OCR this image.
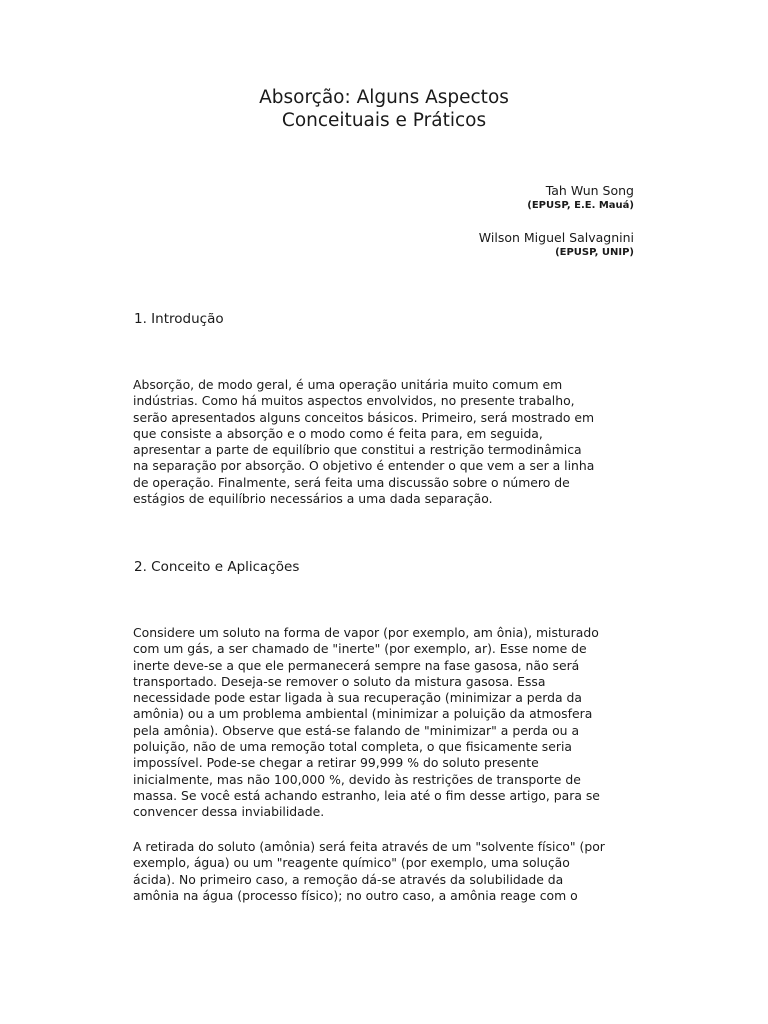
Absorção: Alguns Aspectos
Conceituais e Práticos
Tah Wun Song
(EPUSP, E.E. Mauá)
Wilson Miguel Salvagnini
(EPUSP, UNIP)
1. Introdução

Absorção, de modo geral, é uma operação unitária muito comum em
indústrias. Como há muitos aspectos envolvidos, no presente trabalho,
serão apresentados alguns conceitos básicos. Primeiro, será mostrado em
que consiste a absorção e o modo como é feita para, em seguida,
apresentar a parte de equilíbrio que constitui a restrição termodinâmica
na separação por absorção. O objetivo é entender o que vem a ser a linha
de operação. Finalmente, será feita uma discussão sobre o número de
estágios de equilíbrio necessários a uma dada separação.

2. Conceito e Aplicações

Considere um soluto na forma de vapor (por exemplo, am ônia), misturado
com um gás, a ser chamado de "inerte" (por exemplo, ar). Esse nome de
inerte deve-se a que ele permanecerá sempre na fase gasosa, não será
transportado. Deseja-se remover o soluto da mistura gasosa. Essa
necessidade pode estar ligada à sua recuperação (minimizar a perda da
amônia) ou a um problema ambiental (minimizar a poluição da atmosfera
pela amônia). Observe que está-se falando de "minimizar" a perda ou a
poluição, não de uma remoção total completa, o que fisicamente seria
impossível. Pode-se chegar a retirar 99,999 % do soluto presente
inicialmente, mas não 100,000 %, devido às restrições de transporte de
massa. Se você está achando estranho, leia até o fim desse artigo, para se
convencer dessa inviabilidade.

A retirada do soluto (amônia) será feita através de um "solvente físico" (por
exemplo, água) ou um "reagente químico" (por exemplo, uma solução
ácida). No primeiro caso, a remoção dá-se através da solubilidade da
amônia na água (processo físico); no outro caso, a amônia reage com o
